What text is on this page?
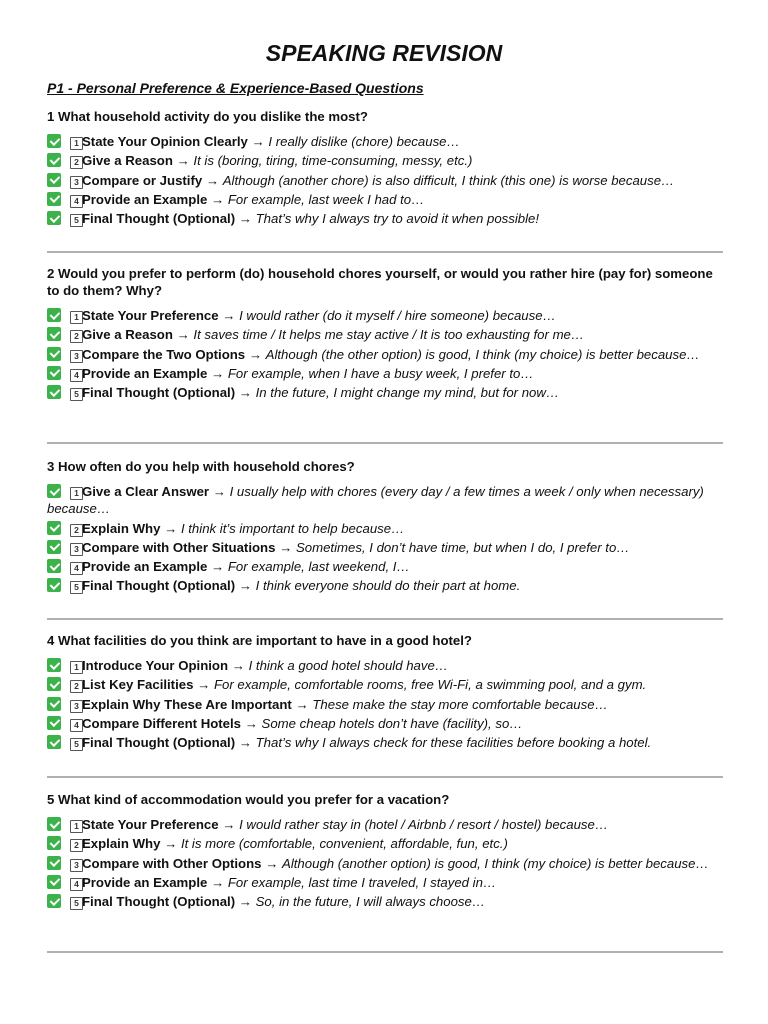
SPEAKING REVISION
P1 - Personal Preference & Experience-Based Questions
1 What household activity do you dislike the most?
1 State Your Opinion Clearly → I really dislike (chore) because…
2 Give a Reason → It is (boring, tiring, time-consuming, messy, etc.)
3 Compare or Justify → Although (another chore) is also difficult, I think (this one) is worse because…
4 Provide an Example → For example, last week I had to…
5 Final Thought (Optional) → That’s why I always try to avoid it when possible!
2 Would you prefer to perform (do) household chores yourself, or would you rather hire (pay for) someone to do them? Why?
1 State Your Preference → I would rather (do it myself / hire someone) because…
2 Give a Reason → It saves time / It helps me stay active / It is too exhausting for me…
3 Compare the Two Options → Although (the other option) is good, I think (my choice) is better because…
4 Provide an Example → For example, when I have a busy week, I prefer to…
5 Final Thought (Optional) → In the future, I might change my mind, but for now…
3 How often do you help with household chores?
1 Give a Clear Answer → I usually help with chores (every day / a few times a week / only when necessary) because…
2 Explain Why → I think it’s important to help because…
3 Compare with Other Situations → Sometimes, I don’t have time, but when I do, I prefer to…
4 Provide an Example → For example, last weekend, I…
5 Final Thought (Optional) → I think everyone should do their part at home.
4 What facilities do you think are important to have in a good hotel?
1 Introduce Your Opinion → I think a good hotel should have…
2 List Key Facilities → For example, comfortable rooms, free Wi-Fi, a swimming pool, and a gym.
3 Explain Why These Are Important → These make the stay more comfortable because…
4 Compare Different Hotels → Some cheap hotels don’t have (facility), so…
5 Final Thought (Optional) → That’s why I always check for these facilities before booking a hotel.
5 What kind of accommodation would you prefer for a vacation?
1 State Your Preference → I would rather stay in (hotel / Airbnb / resort / hostel) because…
2 Explain Why → It is more (comfortable, convenient, affordable, fun, etc.)
3 Compare with Other Options → Although (another option) is good, I think (my choice) is better because…
4 Provide an Example → For example, last time I traveled, I stayed in…
5 Final Thought (Optional) → So, in the future, I will always choose…
